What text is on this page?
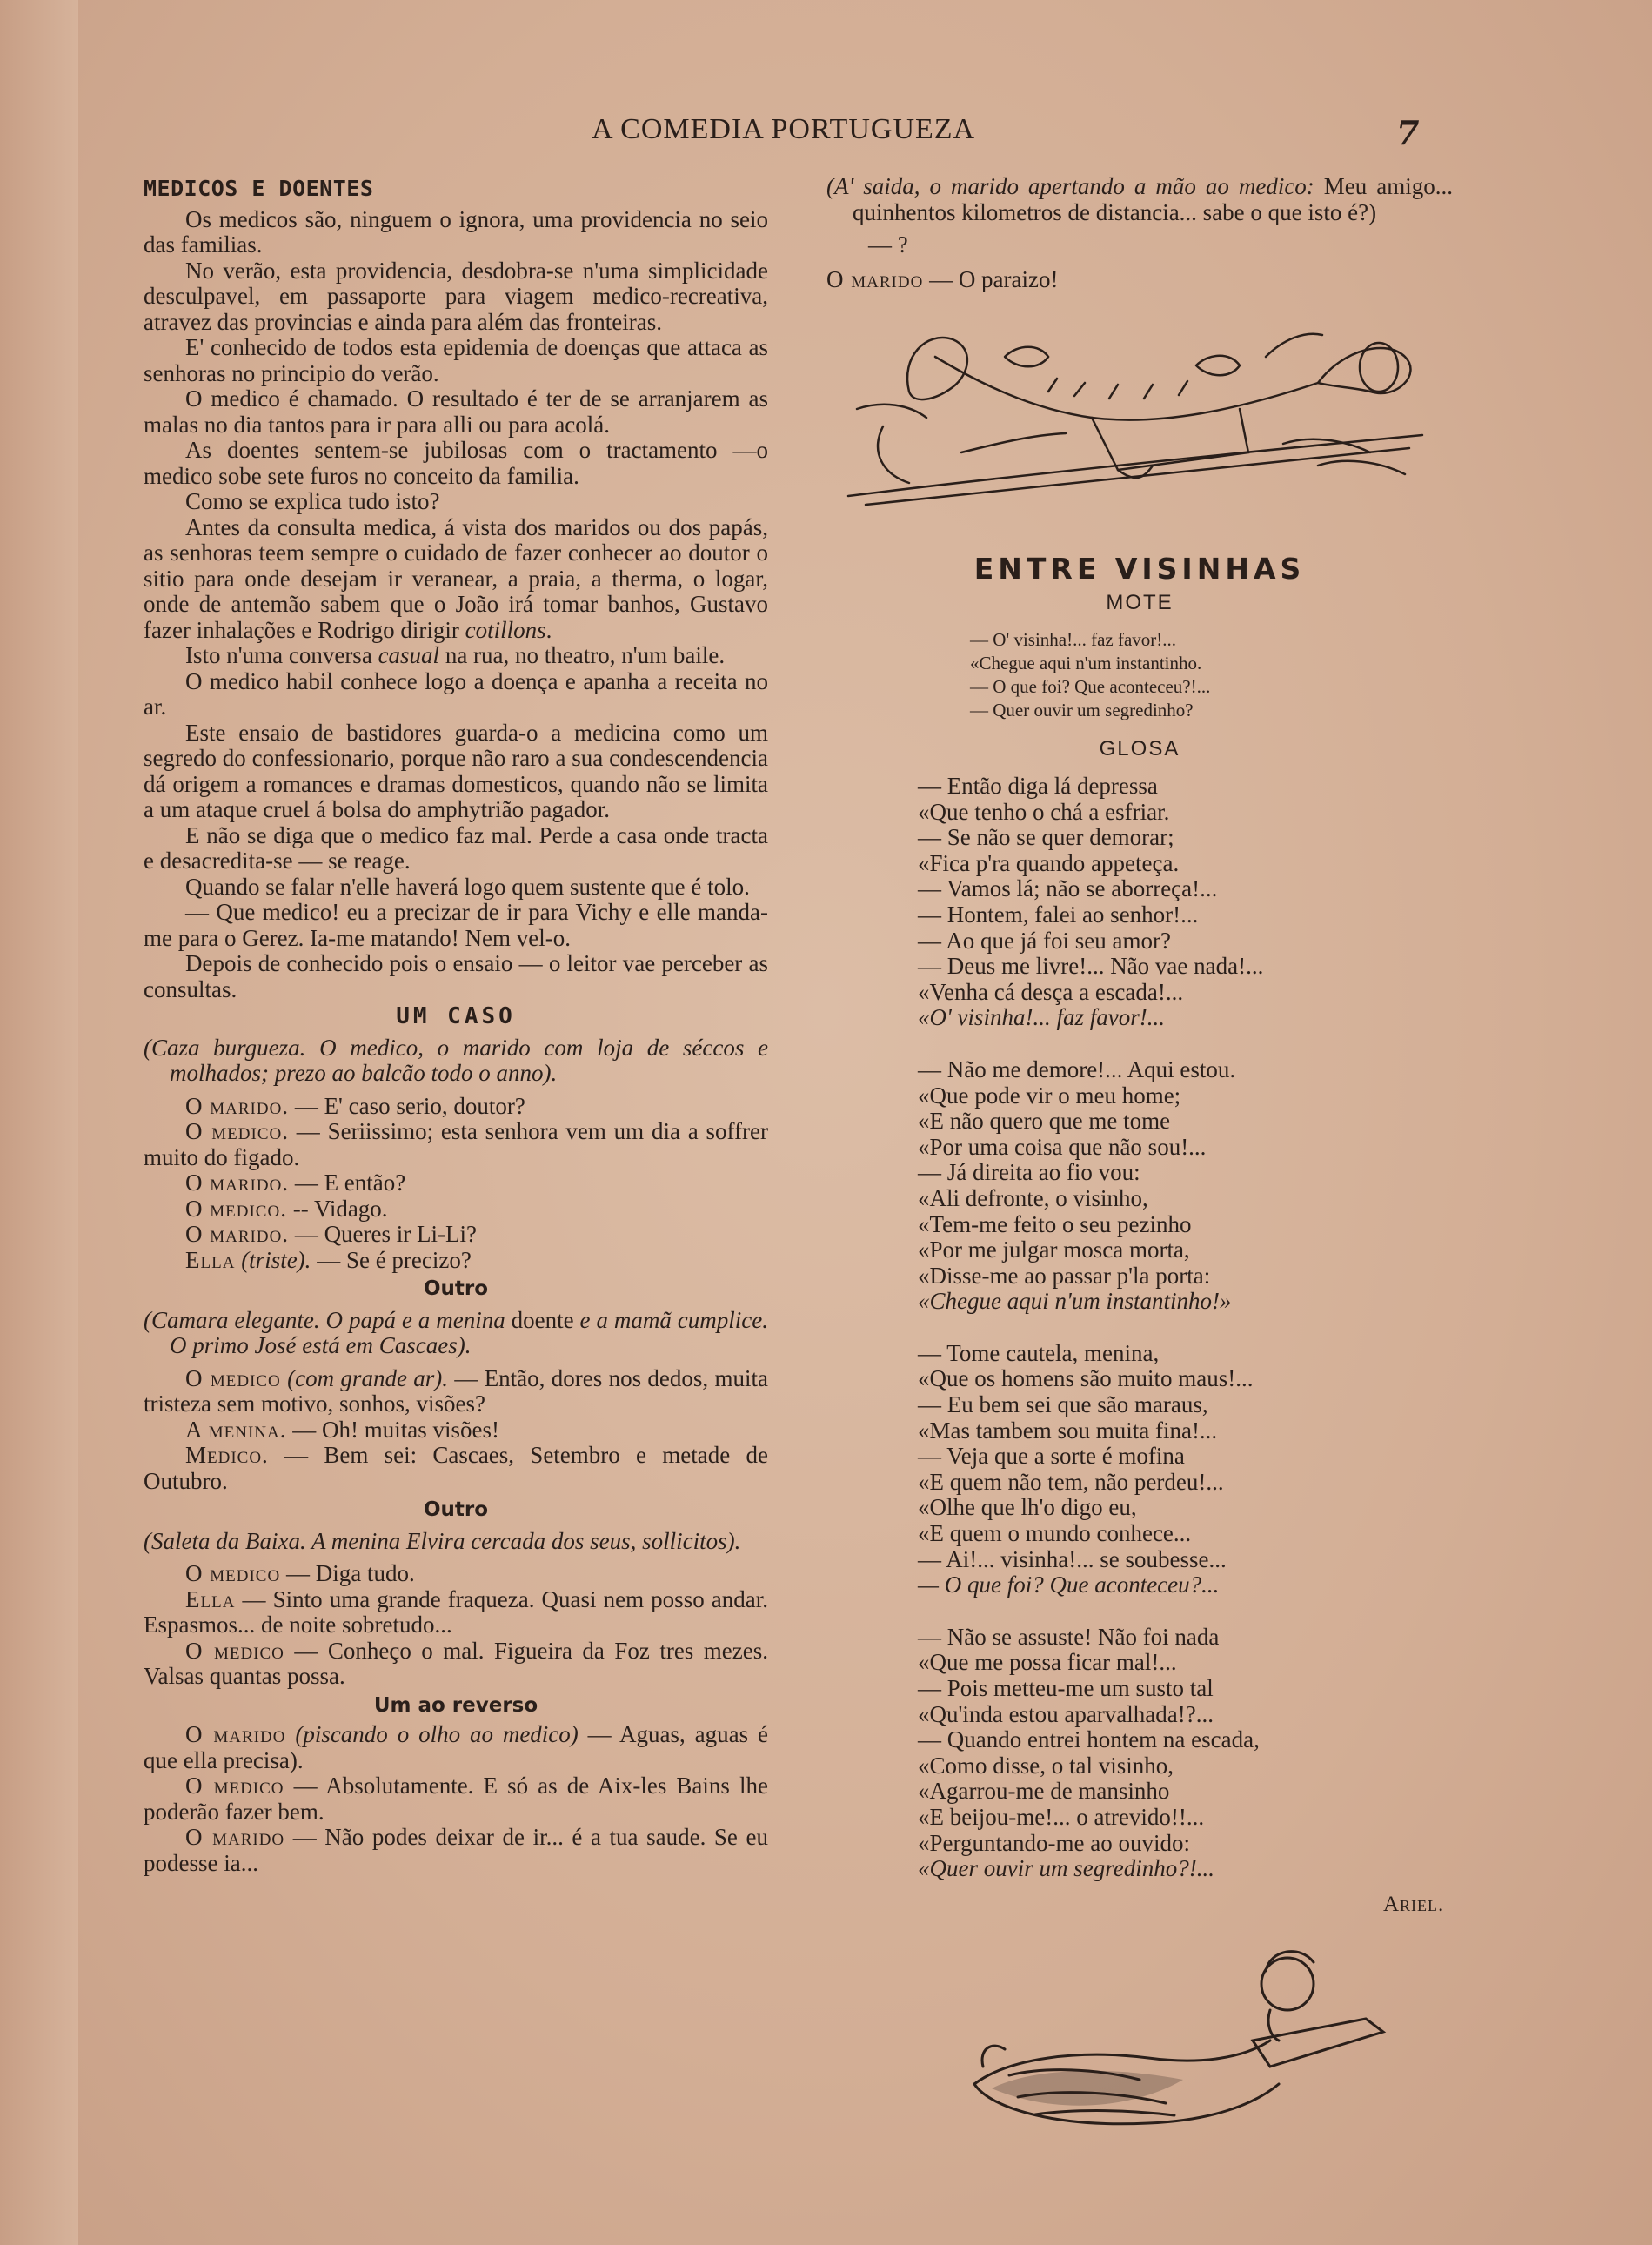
A COMEDIA PORTUGUEZA	7
MEDICOS E DOENTES

Os medicos são, ninguem o ignora, uma providencia no seio das familias.

No verão, esta providencia, desdobra-se n'uma simplicidade desculpavel, em passaporte para viagem medico-recreativa, atravez das provincias e ainda para além das fronteiras.

E' conhecido de todos esta epidemia de doenças que attaca as senhoras no principio do verão.

O medico é chamado. O resultado é ter de se arranjarem as malas no dia tantos para ir para alli ou para acolá.

As doentes sentem-se jubilosas com o tractamento —o medico sobe sete furos no conceito da familia.

Como se explica tudo isto?

Antes da consulta medica, á vista dos maridos ou dos papás, as senhoras teem sempre o cuidado de fazer conhecer ao doutor o sitio para onde desejam ir veranear, a praia, a therma, o logar, onde de antemão sabem que o João irá tomar banhos, Gustavo fazer inhalações e Rodrigo dirigir cotillons.

Isto n'uma conversa casual na rua, no theatro, n'um baile.

O medico habil conhece logo a doença e apanha a receita no ar.

Este ensaio de bastidores guarda-o a medicina como um segredo do confessionario, porque não raro a sua condescendencia dá origem a romances e dramas domesticos, quando não se limita a um ataque cruel á bolsa do amphytrião pagador.

E não se diga que o medico faz mal. Perde a casa onde tracta e desacredita-se — se reage.

Quando se falar n'elle haverá logo quem sustente que é tolo.

— Que medico! eu a precizar de ir para Vichy e elle manda-me para o Gerez. Ia-me matando! Nem vel-o.

Depois de conhecido pois o ensaio — o leitor vae perceber as consultas.

UM CASO
(Caza burgueza. O medico, o marido com loja de séccos e molhados; prezo ao balcão todo o anno).

O marido. — E' caso serio, doutor?

O medico. — Seriissimo; esta senhora vem um dia a soffrer muito do figado.

O marido. — E então?

O medico. -- Vidago.

O marido. — Queres ir Li-Li?

Ella (triste). — Se é precizo?

Outro
(Camara elegante. O papá e a menina doente e a mamã cumplice. O primo José está em Cascaes).

O medico (com grande ar). — Então, dores nos dedos, muita tristeza sem motivo, sonhos, visões?

A menina. — Oh! muitas visões!

Medico. — Bem sei: Cascaes, Setembro e metade de Outubro.

Outro
(Saleta da Baixa. A menina Elvira cercada dos seus, sollicitos).

O medico — Diga tudo.

Ella — Sinto uma grande fraqueza. Quasi nem posso andar. Espasmos... de noite sobretudo...

O medico — Conheço o mal. Figueira da Foz tres mezes. Valsas quantas possa.

Um ao reverso

O marido (piscando o olho ao medico) — Aguas, aguas é que ella precisa).

O medico — Absolutamente. E só as de Aix-les Bains lhe poderão fazer bem.

O marido — Não podes deixar de ir... é a tua saude. Se eu podesse ia...

(A' saida, o marido apertando a mão ao medico: Meu amigo... quinhentos kilometros de distancia... sabe o que isto é?)

— ?

O marido — O paraizo!

ENTRE VISINHAS
MOTE
— O' visinha!... faz favor!...
«Chegue aqui n'um instantinho.
— O que foi? Que aconteceu?!...
— Quer ouvir um segredinho?
GLOSA
— Então diga lá depressa
«Que tenho o chá a esfriar.
— Se não se quer demorar;
«Fica p'ra quando appeteça.
— Vamos lá; não se aborreça!...
— Hontem, falei ao senhor!...
— Ao que já foi seu amor?
— Deus me livre!... Não vae nada!...
«Venha cá desça a escada!...
«O' visinha!... faz favor!...
— Não me demore!... Aqui estou.
«Que pode vir o meu home;
«E não quero que me tome
«Por uma coisa que não sou!...
— Já direita ao fio vou:
«Ali defronte, o visinho,
«Tem-me feito o seu pezinho
«Por me julgar mosca morta,
«Disse-me ao passar p'la porta:
«Chegue aqui n'um instantinho!»
— Tome cautela, menina,
«Que os homens são muito maus!...
— Eu bem sei que são maraus,
«Mas tambem sou muita fina!...
— Veja que a sorte é mofina
«E quem não tem, não perdeu!...
«Olhe que lh'o digo eu,
«E quem o mundo conhece...
— Ai!... visinha!... se soubesse...
— O que foi? Que aconteceu?...
— Não se assuste! Não foi nada
«Que me possa ficar mal!...
— Pois metteu-me um susto tal
«Qu'inda estou aparvalhada!?...
— Quando entrei hontem na escada,
«Como disse, o tal visinho,
«Agarrou-me de mansinho
«E beijou-me!... o atrevido!!...
«Perguntando-me ao ouvido:
«Quer ouvir um segredinho?!...
Ariel.
